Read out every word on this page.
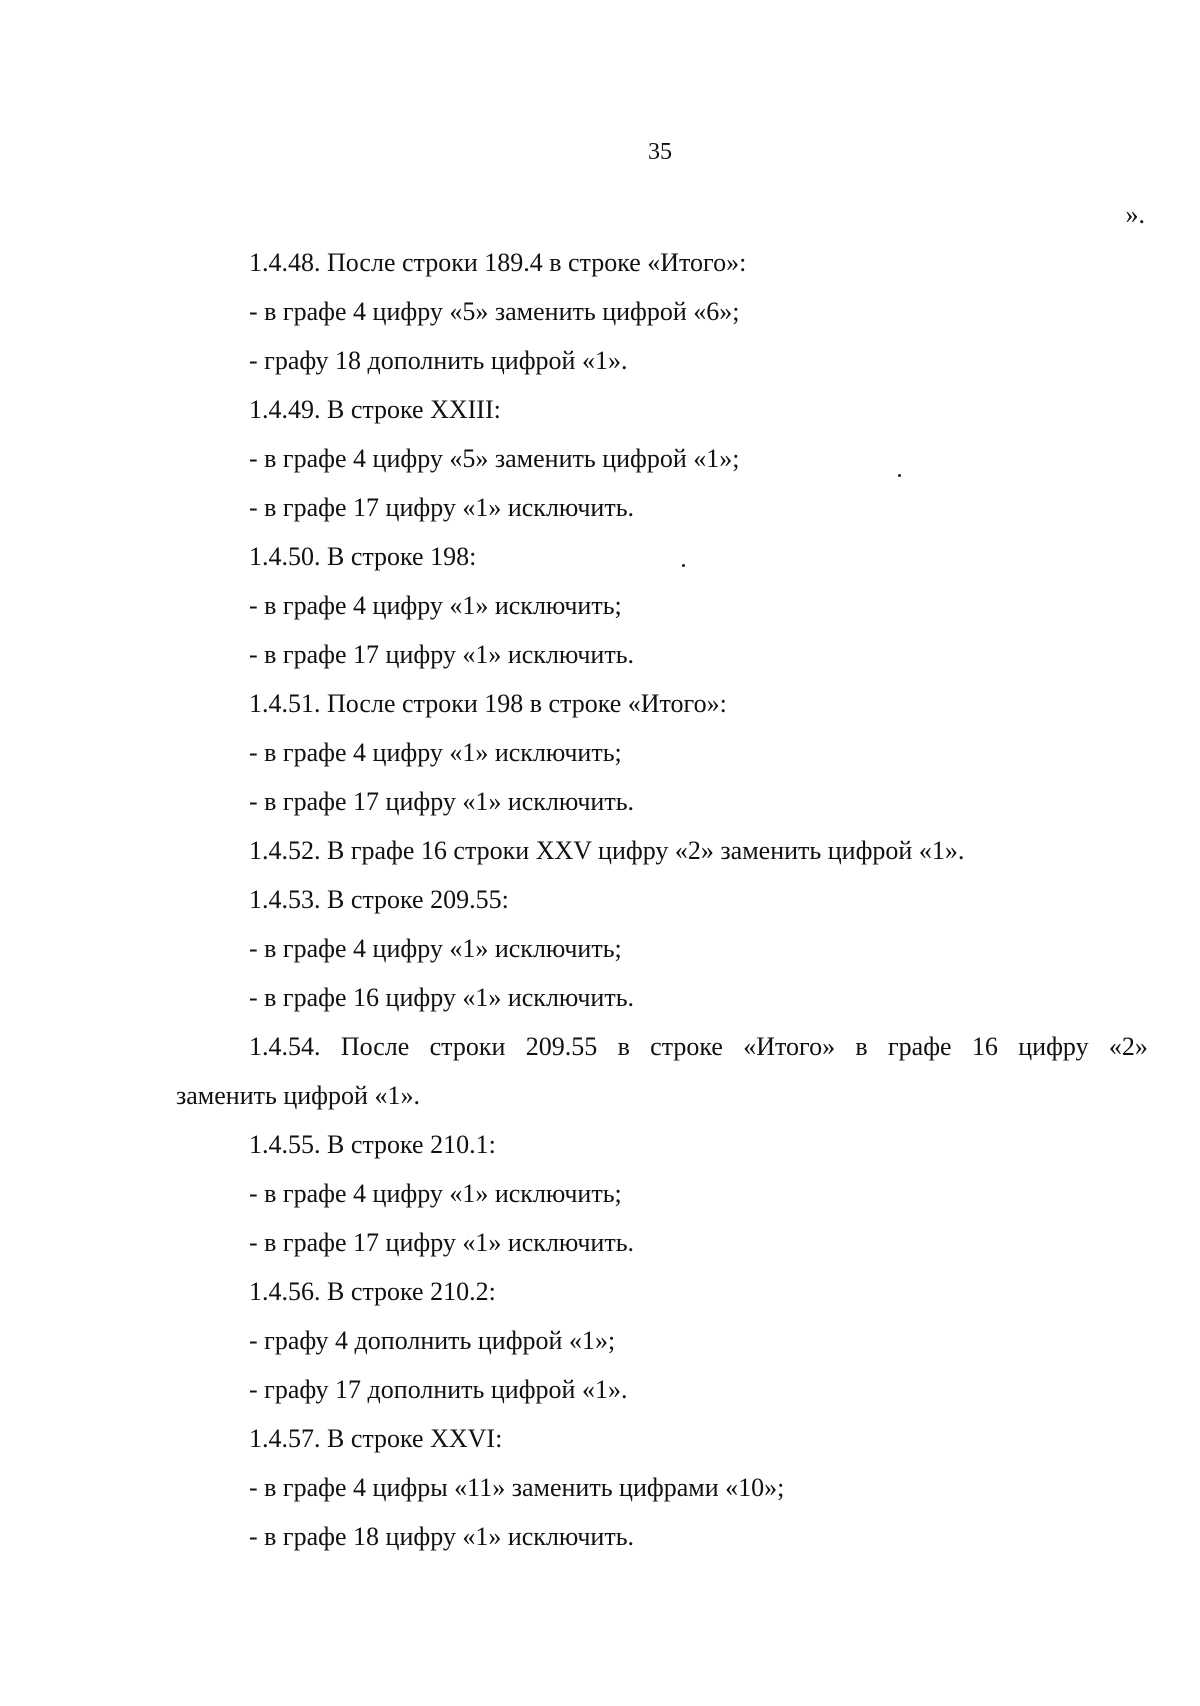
35

».

1.4.48. После строки 189.4 в строке «Итого»:

- в графе 4 цифру «5» заменить цифрой «6»;

- графу 18 дополнить цифрой «1».

1.4.49. В строке XXIII:

- в графе 4 цифру «5» заменить цифрой «1»;

- в графе 17 цифру «1» исключить.

1.4.50. В строке 198:

- в графе 4 цифру «1» исключить;

- в графе 17 цифру «1» исключить.

1.4.51. После строки 198 в строке «Итого»:

- в графе 4 цифру «1» исключить;

- в графе 17 цифру «1» исключить.

1.4.52. В графе 16 строки XXV цифру «2» заменить цифрой «1».

1.4.53. В строке 209.55:

- в графе 4 цифру «1» исключить;

- в графе 16 цифру «1» исключить.

1.4.54. После строки 209.55 в строке «Итого» в графе 16 цифру «2»

заменить цифрой «1».

1.4.55. В строке 210.1:

- в графе 4 цифру «1» исключить;

- в графе 17 цифру «1» исключить.

1.4.56. В строке 210.2:

- графу 4 дополнить цифрой «1»;

- графу 17 дополнить цифрой «1».

1.4.57. В строке XXVI:

- в графе 4 цифры «11» заменить цифрами «10»;

- в графе 18 цифру «1» исключить.
